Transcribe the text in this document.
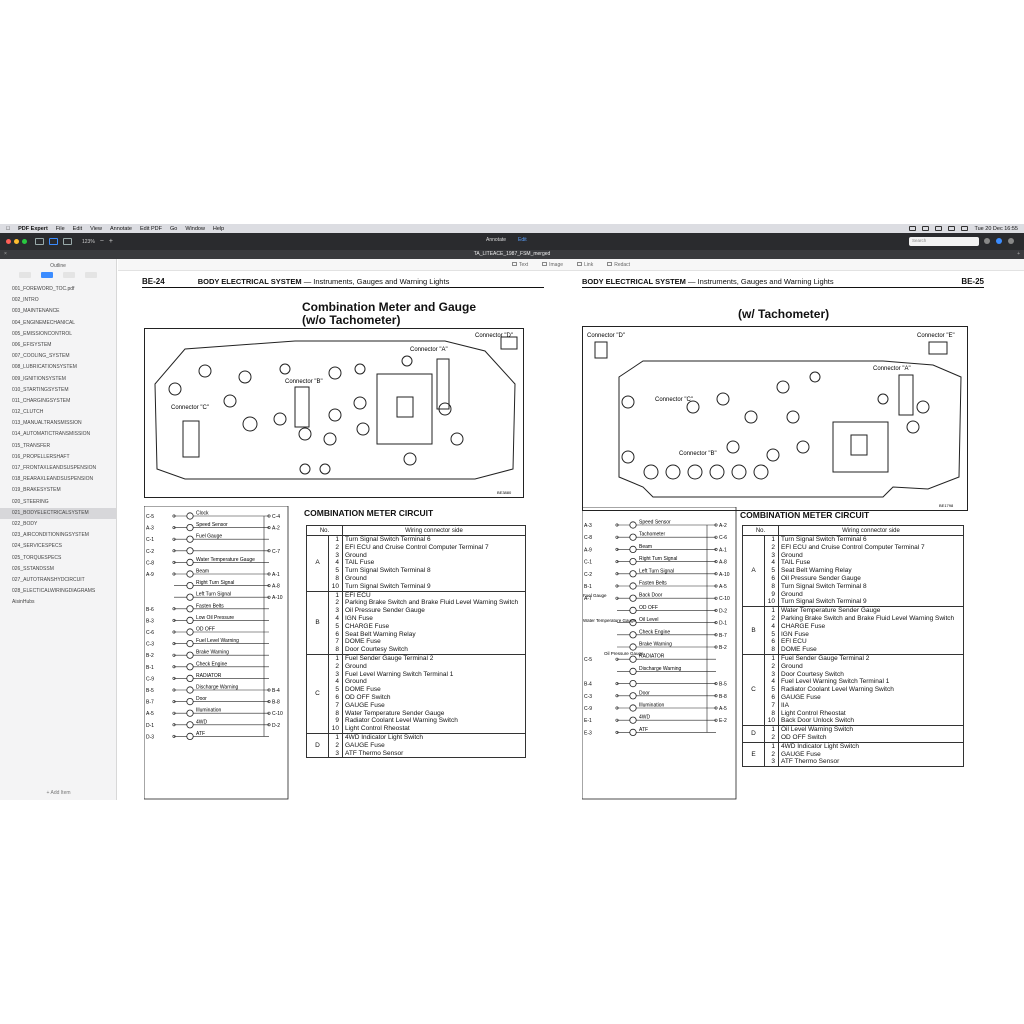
PDF Expert File Edit View Annotate Edit PDF Go Window Help	Tue 20 Dec 16:55
123% − +	Annotate Edit	Search
×	TA_LITEACE_1987_FSM_merged	+
Outline
001_FOREWORD_TOC.pdf
002_INTRO
003_MAINTENANCE
004_ENGINEMECHANICAL
005_EMISSIONCONTROL
006_EFISYSTEM
007_COOLING_SYSTEM
008_LUBRICATIONSYSTEM
009_IGNITIONSYSTEM
010_STARTINGSYSTEM
011_CHARGINGSYSTEM
012_CLUTCH
013_MANUALTRANSMISSION
014_AUTOMATICTRANSMISSION
015_TRANSFER
016_PROPELLERSHAFT
017_FRONTAXLEANDSUSPENSION
018_REARAXLEANDSUSPENSION
019_BRAKESYSTEM
020_STEERING
021_BODYELECTRICALSYSTEM
022_BODY
023_AIRCONDITIONINGSYSTEM
024_SERVICESPECS
025_TORQUESPECS
026_SSTANDSSM
027_AUTOTRANSHYDCIRCUIT
028_ELECTICALWIRINGDIAGRAMS
AisinHubs
+ Add Item
Text	Image	Link	Redact
BE-24	BODY ELECTRICAL SYSTEM — Instruments, Gauges and Warning Lights
Combination Meter and Gauge
(w/o Tachometer)
Connector "D"
Connector "A"
Connector "B"
Connector "C"
BE3880
COMBINATION METER CIRCUIT
C-5
Clock
C-4
A-3
Speed Sensor
A-2
C-1
Fuel Gauge
C-2	C-7
C-8
Water Temperature Gauge
A-9
Beam
A-1
Right Turn Signal
A-8
Left Turn Signal
A-10
B-6
Fasten Belts
B-3
Low Oil Pressure
C-6
OD OFF
C-3
Fuel Level Warning
B-2
Brake Warning
B-1
Check Engine
C-9
RADIATOR
B-5
Discharge Warning
B-4
B-7
Door
B-8
A-5
Illumination
C-10
D-1
4WD
D-2
D-3
ATF
No.		Wiring connector side
A	1	Turn Signal Switch Terminal 6
	2	EFI ECU and Cruise Control Computer Terminal 7
	3	Ground
	4	TAIL Fuse
	5	Turn Signal Switch Terminal 8
	8	Ground
	10	Turn Signal Switch Terminal 9
B	1	EFI ECU
	2	Parking Brake Switch and Brake Fluid Level Warning Switch
	3	Oil Pressure Sender Gauge
	4	IGN Fuse
	5	CHARGE Fuse
	6	Seat Belt Warning Relay
	7	DOME Fuse
	8	Door Courtesy Switch
C	1	Fuel Sender Gauge Terminal 2
	2	Ground
	3	Fuel Level Warning Switch Terminal 1
	4	Ground
	5	DOME Fuse
	6	OD OFF Switch
	7	GAUGE Fuse
	8	Water Temperature Sender Gauge
	9	Radiator Coolant Level Warning Switch
	10	Light Control Rheostat
D	1	4WD Indicator Light Switch
	2	GAUGE Fuse
	3	ATF Thermo Sensor
BODY ELECTRICAL SYSTEM — Instruments, Gauges and Warning Lights	BE-25
(w/ Tachometer)
Connector "D"	Connector "E"
Connector "A"
Connector "C"
Connector "B"
BE1798
COMBINATION METER CIRCUIT
A-3
Speed Sensor
A-2
C-8
Tachometer
C-6
A-9
Beam
A-1
C-1
Right Turn Signal
A-8
C-2
Left Turn Signal
A-10
B-1
Fasten Belts
A-5
A-7
Back Door
C-10
OD OFF
D-2
Oil Level
D-1
Check Engine
B-7
Brake Warning
B-2
C-5
RADIATOR
Discharge Warning
B-4	B-5
C-3
Door
B-8
C-9
Illumination
A-5
E-1
4WD
E-2
E-3
ATF
Fuel Gauge
Water Temperature Gauge
Oil Pressure Gauge
No.		Wiring connector side
A	1	Turn Signal Switch Terminal 6
	2	EFI ECU and Cruise Control Computer Terminal 7
	3	Ground
	4	TAIL Fuse
	5	Seat Belt Warning Relay
	6	Oil Pressure Sender Gauge
	8	Turn Signal Switch Terminal 8
	9	Ground
	10	Turn Signal Switch Terminal 9
B	1	Water Temperature Sender Gauge
	2	Parking Brake Switch and Brake Fluid Level Warning Switch
	4	CHARGE Fuse
	5	IGN Fuse
	6	EFI ECU
	8	DOME Fuse
C	1	Fuel Sender Gauge Terminal 2
	2	Ground
	3	Door Courtesy Switch
	4	Fuel Level Warning Switch Terminal 1
	5	Radiator Coolant Level Warning Switch
	6	GAUGE Fuse
	7	IIA
	8	Light Control Rheostat
	10	Back Door Unlock Switch
D	1	Oil Level Warning Switch
	2	OD OFF Switch
E	1	4WD Indicator Light Switch
	2	GAUGE Fuse
	3	ATF Thermo Sensor
